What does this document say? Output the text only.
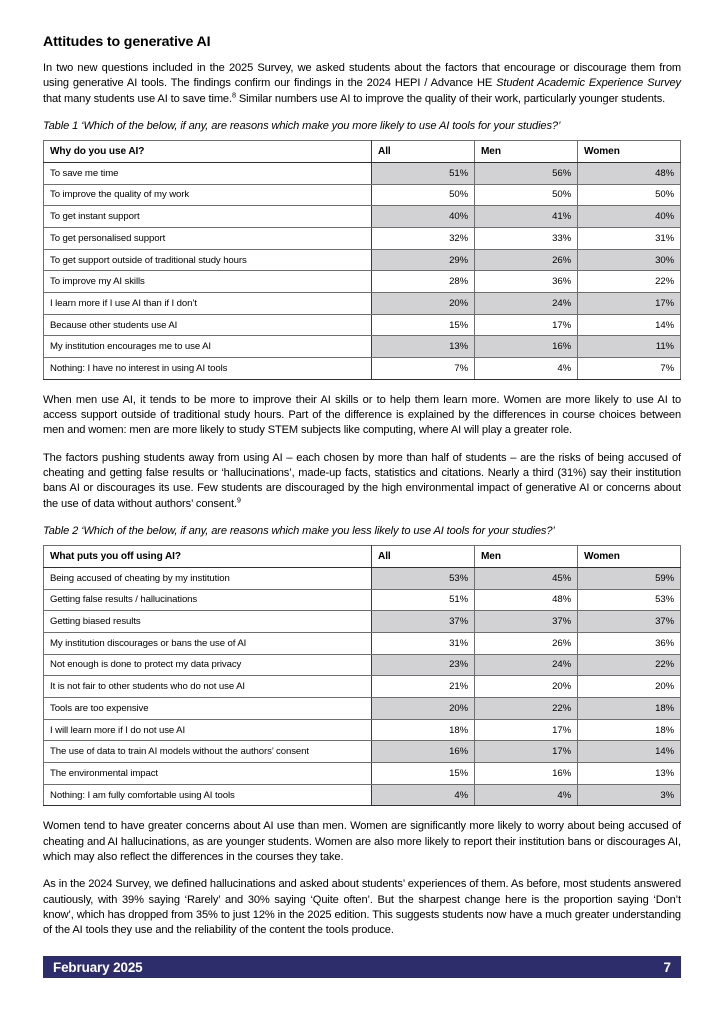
Attitudes to generative AI

In two new questions included in the 2025 Survey, we asked students about the factors that encourage or discourage them from using generative AI tools. The findings confirm our findings in the 2024 HEPI / Advance HE Student Academic Experience Survey that many students use AI to save time.$^8$ Similar numbers use AI to improve the quality of their work, particularly younger students.

Table 1 ‘Which of the below, if any, are reasons which make you more likely to use AI tools for your studies?’

Why do you use AI?	All	Men	Women
To save me time	51%	56%	48%
To improve the quality of my work	50%	50%	50%
To get instant support	40%	41%	40%
To get personalised support	32%	33%	31%
To get support outside of traditional study hours	29%	26%	30%
To improve my AI skills	28%	36%	22%
I learn more if I use AI than if I don’t	20%	24%	17%
Because other students use AI	15%	17%	14%
My institution encourages me to use AI	13%	16%	11%
Nothing: I have no interest in using AI tools	7%	4%	7%

When men use AI, it tends to be more to improve their AI skills or to help them learn more. Women are more likely to use AI to access support outside of traditional study hours. Part of the difference is explained by the differences in course choices between men and women: men are more likely to study STEM subjects like computing, where AI will play a greater role.

The factors pushing students away from using AI – each chosen by more than half of students – are the risks of being accused of cheating and getting false results or ‘hallucinations’, made-up facts, statistics and citations. Nearly a third (31%) say their institution bans AI or discourages its use. Few students are discouraged by the high environmental impact of generative AI or concerns about the use of data without authors’ consent.$^9$

Table 2 ‘Which of the below, if any, are reasons which make you less likely to use AI tools for your studies?’

What puts you off using AI?	All	Men	Women
Being accused of cheating by my institution	53%	45%	59%
Getting false results / hallucinations	51%	48%	53%
Getting biased results	37%	37%	37%
My institution discourages or bans the use of AI	31%	26%	36%
Not enough is done to protect my data privacy	23%	24%	22%
It is not fair to other students who do not use AI	21%	20%	20%
Tools are too expensive	20%	22%	18%
I will learn more if I do not use AI	18%	17%	18%
The use of data to train AI models without the authors’ consent	16%	17%	14%
The environmental impact	15%	16%	13%
Nothing: I am fully comfortable using AI tools	4%	4%	3%

Women tend to have greater concerns about AI use than men. Women are significantly more likely to worry about being accused of cheating and AI hallucinations, as are younger students. Women are also more likely to report their institution bans or discourages AI, which may also reflect the differences in the courses they take.

As in the 2024 Survey, we defined hallucinations and asked about students’ experiences of them. As before, most students answered cautiously, with 39% saying ‘Rarely’ and 30% saying ‘Quite often’. But the sharpest change here is the proportion saying ‘Don’t know’, which has dropped from 35% to just 12% in the 2025 edition. This suggests students now have a much greater understanding of the AI tools they use and the reliability of the content the tools produce.

February 2025	7
